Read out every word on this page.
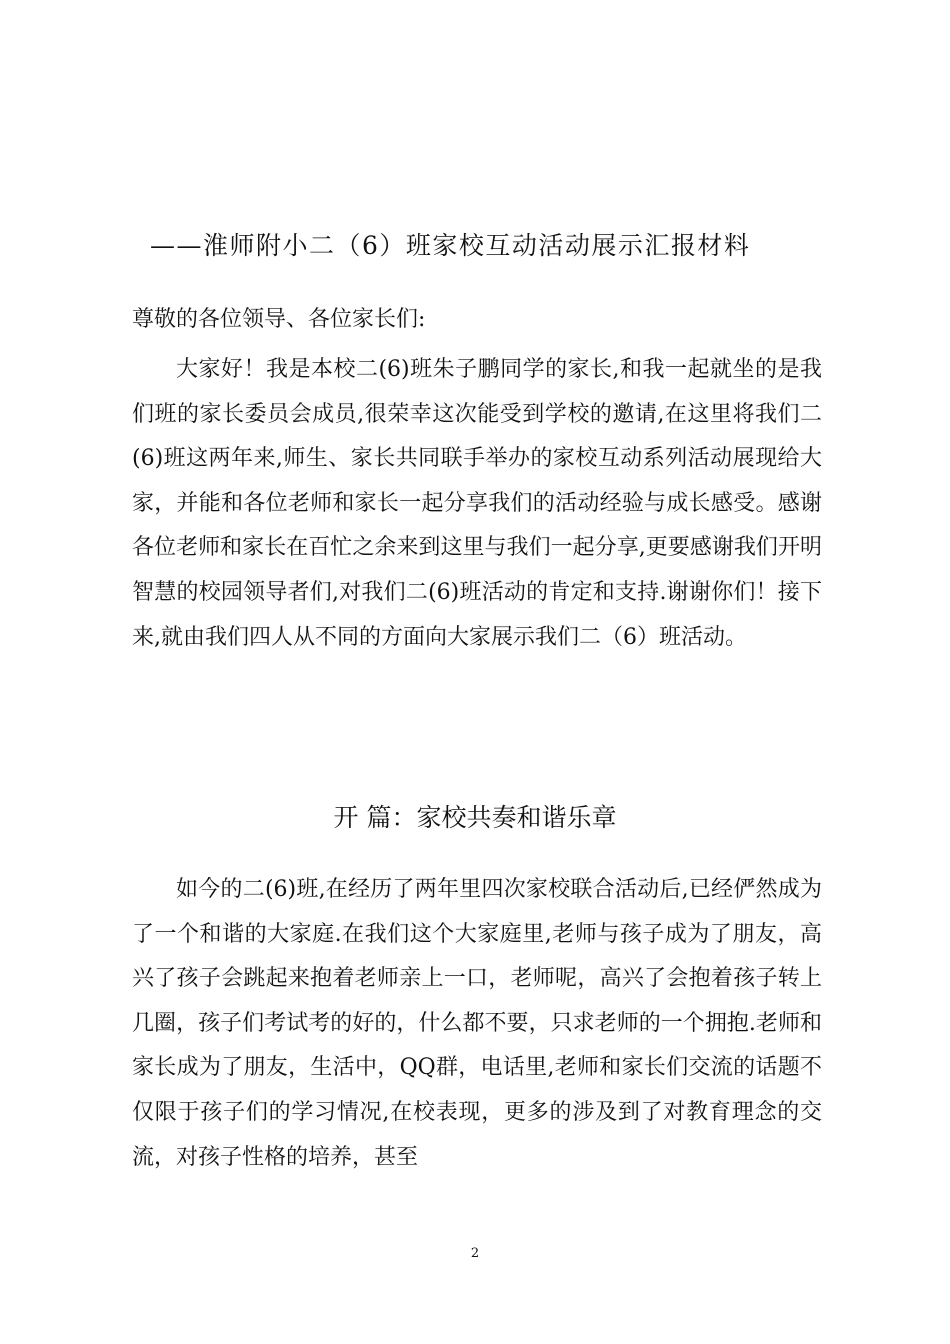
——淮师附小二（6）班家校互动活动展示汇报材料
尊敬的各位领导、各位家长们:

大家好！我是本校二(6)班朱子鹏同学的家长,和我一起就坐的是我们班的家长委员会成员,很荣幸这次能受到学校的邀请,在这里将我们二(6)班这两年来,师生、家长共同联手举办的家校互动系列活动展现给大家，并能和各位老师和家长一起分享我们的活动经验与成长感受。感谢各位老师和家长在百忙之余来到这里与我们一起分享,更要感谢我们开明智慧的校园领导者们,对我们二(6)班活动的肯定和支持.谢谢你们！接下来,就由我们四人从不同的方面向大家展示我们二（6）班活动。

开 篇：家校共奏和谐乐章

如今的二(6)班,在经历了两年里四次家校联合活动后,已经俨然成为了一个和谐的大家庭.在我们这个大家庭里,老师与孩子成为了朋友，高兴了孩子会跳起来抱着老师亲上一口，老师呢，高兴了会抱着孩子转上几圈，孩子们考试考的好的，什么都不要，只求老师的一个拥抱.老师和家长成为了朋友，生活中，QQ群，电话里,老师和家长们交流的话题不仅限于孩子们的学习情况,在校表现，更多的涉及到了对教育理念的交流，对孩子性格的培养，甚至

2
